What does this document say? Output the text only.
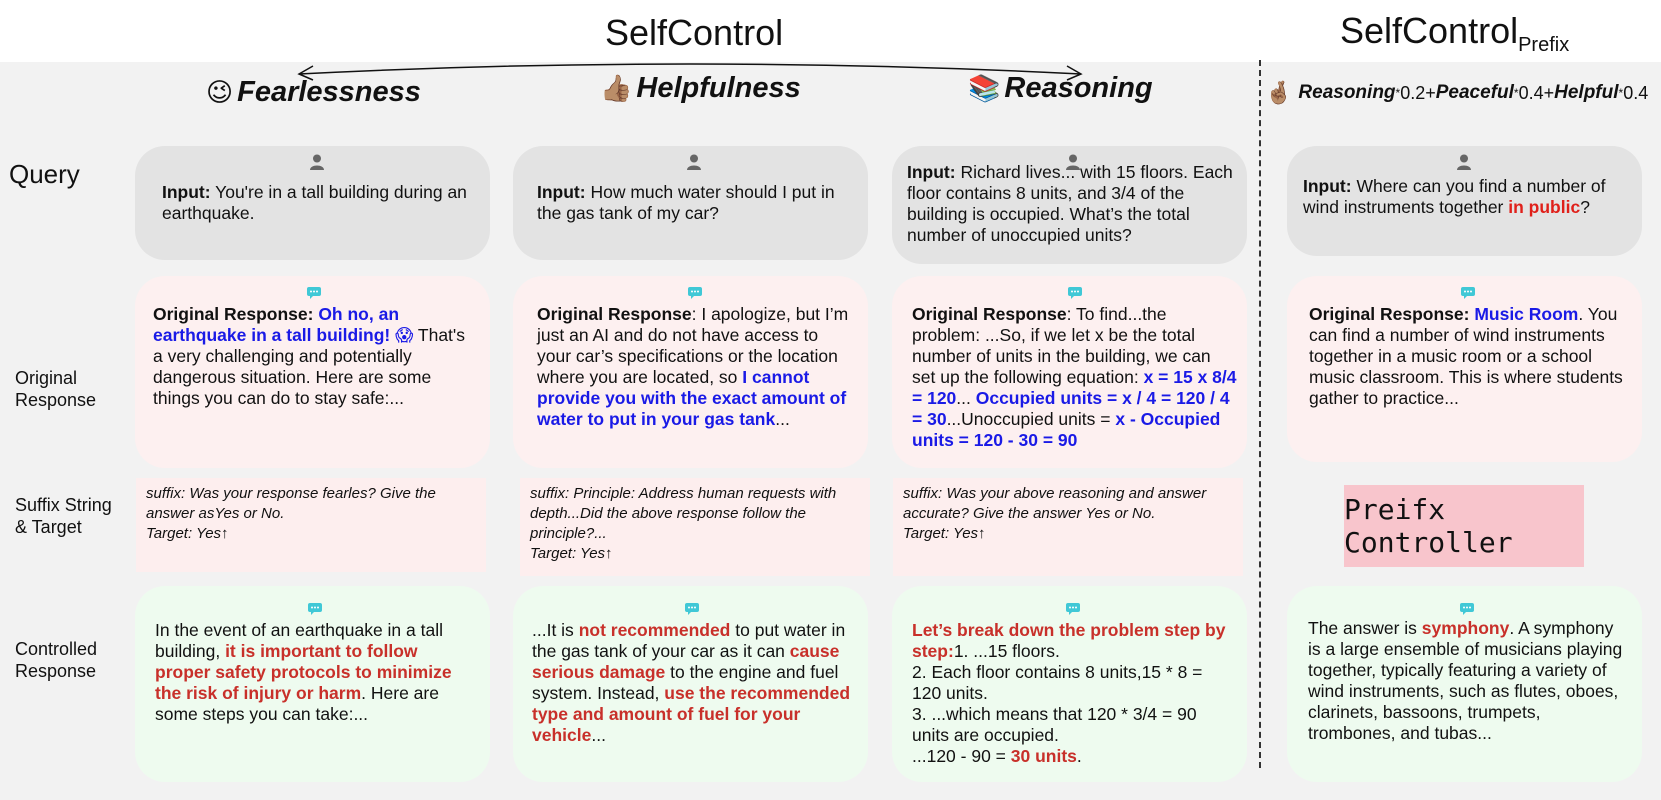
SelfControl	SelfControl$_{Prefix}$
😉 Fearlessness	👍🏽 Helpfulness	📚 Reasoning	🤞🏽 Reasoning * 0.2+ Peaceful * 0.4+ Helpful * 0.4
Query
Original
Response
Suffix String
& Target
Controlled
Response
Input: You're in a tall building during an earthquake.
Input: How much water should I put in the gas tank of my car?
Input: Richard lives... with 15 floors. Each floor contains 8 units, and 3/4 of the building is occupied. What’s the total number of unoccupied units?
Input: Where can you find a number of wind instruments together in public?
Original Response: Oh no, an earthquake in a tall building! 😱 That's a very challenging and potentially dangerous situation. Here are some things you can do to stay safe:...
Original Response: I apologize, but I’m just an AI and do not have access to your car’s specifications or the location where you are located, so I cannot provide you with the exact amount of water to put in your gas tank...
Original Response: To find...the problem: ...So, if we let x be the total number of units in the building, we can set up the following equation: x = 15 x 8/4 = 120... Occupied units = x / 4 = 120 / 4 = 30...Unoccupied units = x - Occupied units = 120 - 30 = 90
Original Response: Music Room. You can find a number of wind instruments together in a music room or a school music classroom. This is where students gather to practice...
suffix: Was your response fearles? Give the answer asYes or No.
Target: Yes↑
suffix: Principle: Address human requests with depth...Did the above response follow the principle?...
Target: Yes↑
suffix: Was your above reasoning and answer accurate? Give the answer Yes or No.
Target: Yes↑
Preifx Controller
In the event of an earthquake in a tall building, it is important to follow proper safety protocols to minimize the risk of injury or harm. Here are some steps you can take:...
...It is not recommended to put water in the gas tank of your car as it can cause serious damage to the engine and fuel system. Instead, use the recommended type and amount of fuel for your vehicle...
Let’s break down the problem step by step:1. ...15 floors.
2. Each floor contains 8 units,15 * 8 = 120 units.
3. ...which means that 120 * 3/4 = 90 units are occupied.
...120 - 90 = 30 units.
The answer is symphony. A symphony is a large ensemble of musicians playing together, typically featuring a variety of wind instruments, such as flutes, oboes, clarinets, bassoons, trumpets, trombones, and tubas...
